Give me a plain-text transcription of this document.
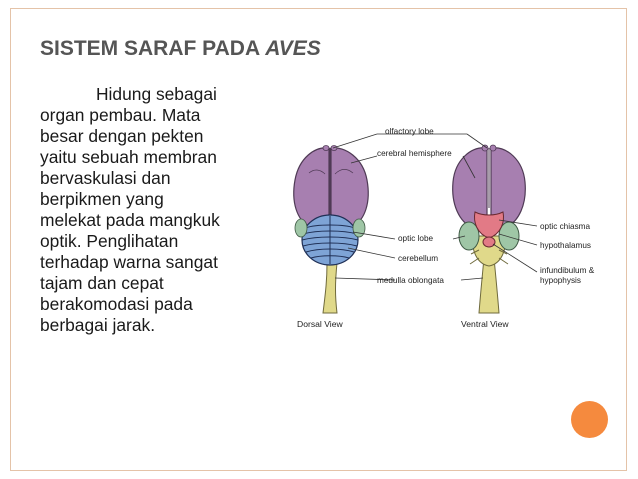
SISTEM SARAF PADA AVES
Hidung sebagai
organ pembau. Mata
besar dengan pekten
yaitu sebuah membran
bervaskulasi dan
berpikmen yang
melekat pada mangkuk
optik. Penglihatan
terhadap warna sangat
tajam dan cepat
berakomodasi pada
berbagai jarak.
olfactory lobe
cerebral hemisphere
optic lobe
cerebellum
medulla oblongata
optic chiasma
hypothalamus
infundibulum &
hypophysis
Dorsal View	Ventral View
